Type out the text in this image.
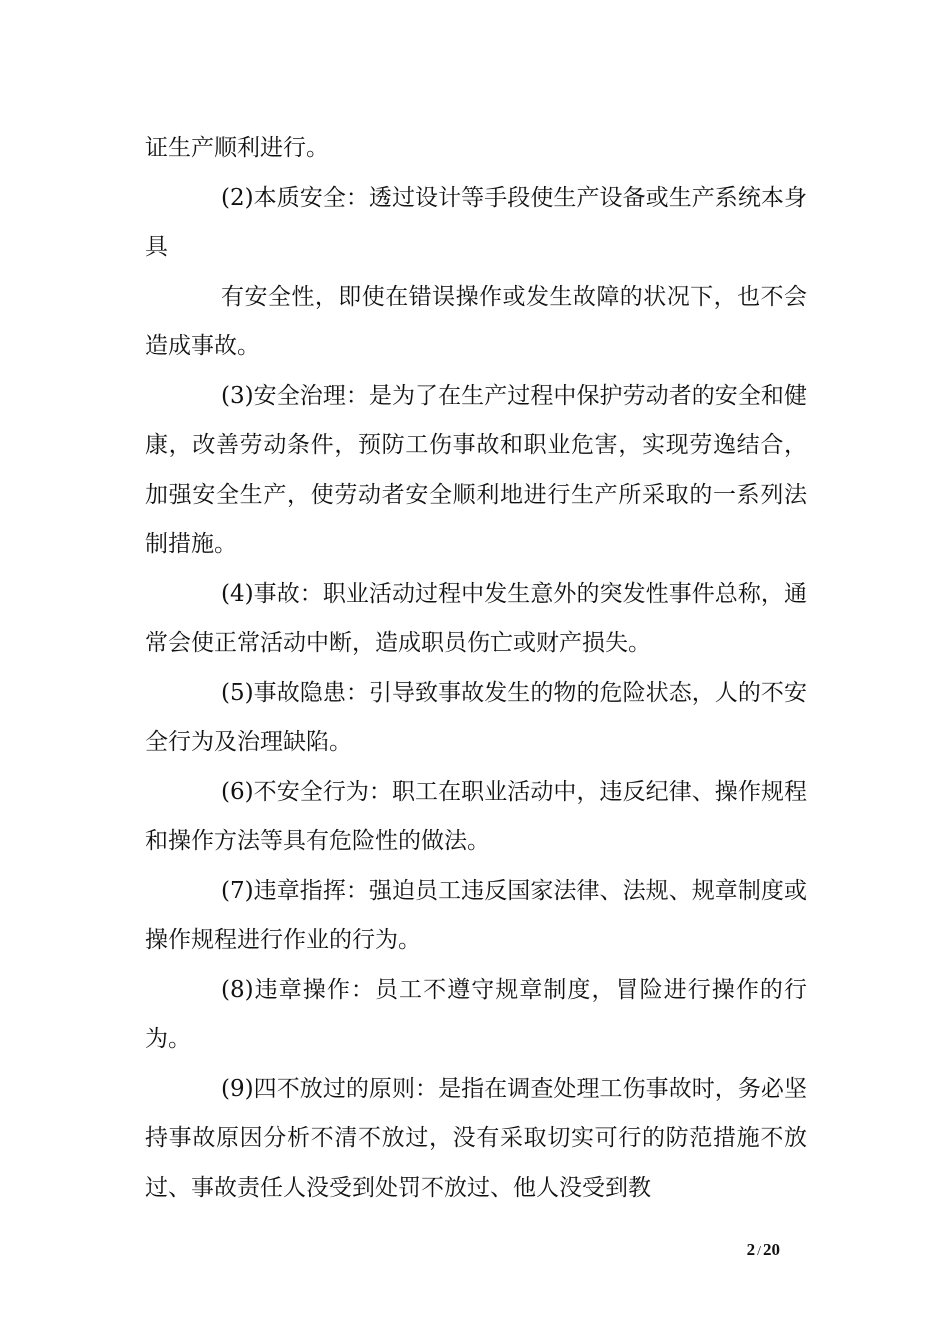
证生产顺利进行。

(2)本质安全：透过设计等手段使生产设备或生产系统本身具

有安全性，即使在错误操作或发生故障的状况下，也不会造成事故。

(3)安全治理：是为了在生产过程中保护劳动者的安全和健康，改善劳动条件，预防工伤事故和职业危害，实现劳逸结合，加强安全生产，使劳动者安全顺利地进行生产所采取的一系列法制措施。

(4)事故：职业活动过程中发生意外的突发性事件总称，通常会使正常活动中断，造成职员伤亡或财产损失。

(5)事故隐患：引导致事故发生的物的危险状态，人的不安全行为及治理缺陷。

(6)不安全行为：职工在职业活动中，违反纪律、操作规程和操作方法等具有危险性的做法。

(7)违章指挥：强迫员工违反国家法律、法规、规章制度或操作规程进行作业的行为。

(8)违章操作：员工不遵守规章制度，冒险进行操作的行为。

(9)四不放过的原则：是指在调查处理工伤事故时，务必坚持事故原因分析不清不放过，没有采取切实可行的防范措施不放过、事故责任人没受到处罚不放过、他人没受到教

2 / 20
